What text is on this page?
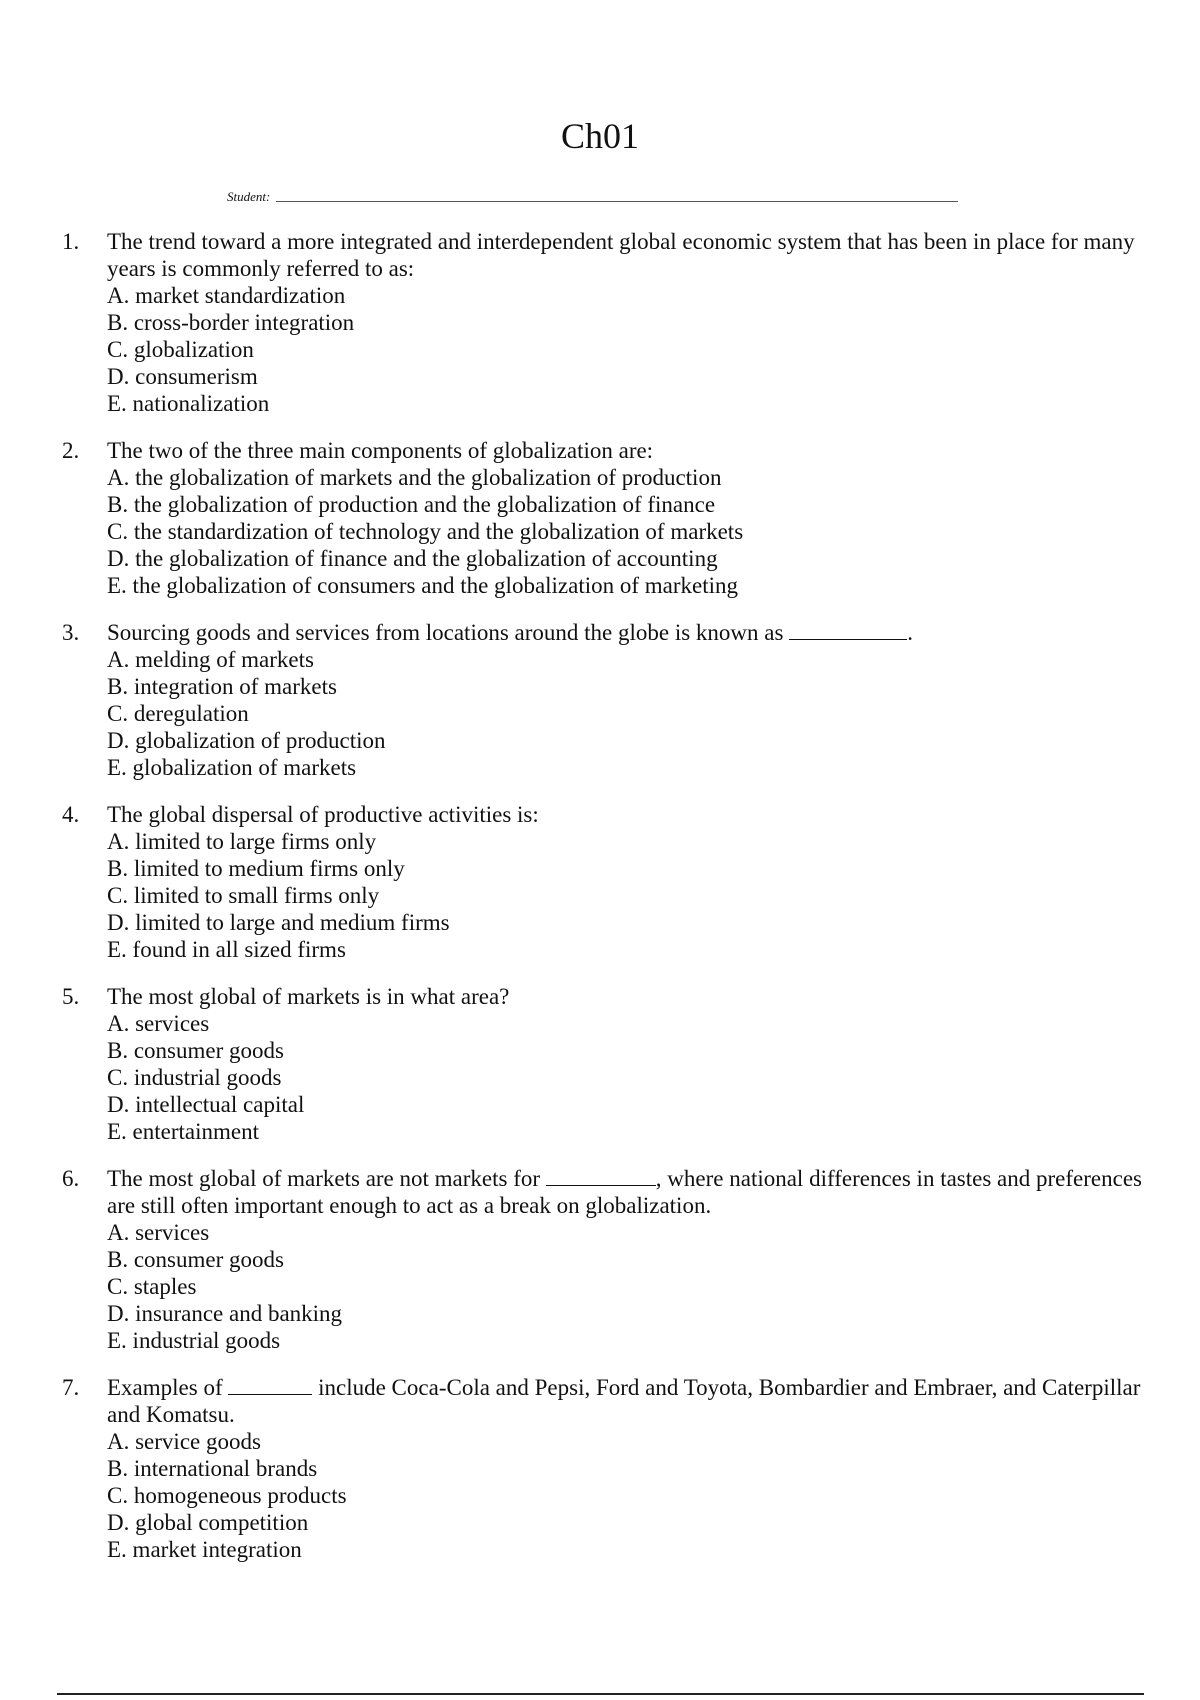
Ch01
Student:
1.	The trend toward a more integrated and interdependent global economic system that has been in place for many years is commonly referred to as:
A. market standardization
B. cross-border integration
C. globalization
D. consumerism
E. nationalization
2.	The two of the three main components of globalization are:
A. the globalization of markets and the globalization of production
B. the globalization of production and the globalization of finance
C. the standardization of technology and the globalization of markets
D. the globalization of finance and the globalization of accounting
E. the globalization of consumers and the globalization of marketing
3.	Sourcing goods and services from locations around the globe is known as	.
A. melding of markets
B. integration of markets
C. deregulation
D. globalization of production
E. globalization of markets
4.	The global dispersal of productive activities is:
A. limited to large firms only
B. limited to medium firms only
C. limited to small firms only
D. limited to large and medium firms
E. found in all sized firms
5.	The most global of markets is in what area?
A. services
B. consumer goods
C. industrial goods
D. intellectual capital
E. entertainment
6.	The most global of markets are not markets for	, where national differences in tastes and preferences are still often important enough to act as a break on globalization.
A. services
B. consumer goods
C. staples
D. insurance and banking
E. industrial goods
7.	Examples of	include Coca-Cola and Pepsi, Ford and Toyota, Bombardier and Embraer, and Caterpillar and Komatsu.
A. service goods
B. international brands
C. homogeneous products
D. global competition
E. market integration
